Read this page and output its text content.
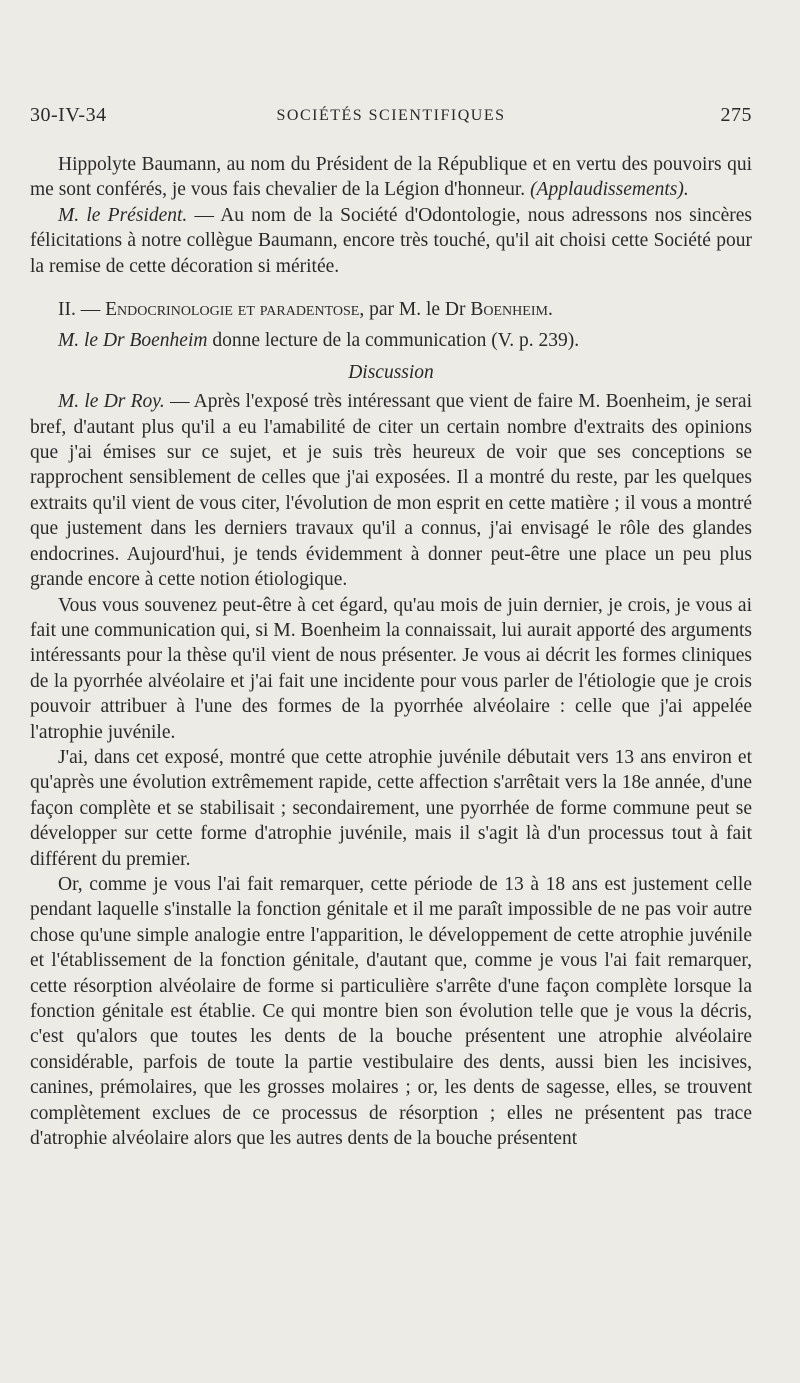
30-IV-34	SOCIÉTÉS SCIENTIFIQUES	275

Hippolyte Baumann, au nom du Président de la République et en vertu des pouvoirs qui me sont conférés, je vous fais chevalier de la Légion d'honneur. (Applaudissements).

M. le Président. — Au nom de la Société d'Odontologie, nous adressons nos sincères félicitations à notre collègue Baumann, encore très touché, qu'il ait choisi cette Société pour la remise de cette décoration si méritée.

II. — Endocrinologie et paradentose, par M. le Dr Boenheim.

M. le Dr Boenheim donne lecture de la communication (V. p. 239).

Discussion

M. le Dr Roy. — Après l'exposé très intéressant que vient de faire M. Boenheim, je serai bref, d'autant plus qu'il a eu l'amabilité de citer un certain nombre d'extraits des opinions que j'ai émises sur ce sujet, et je suis très heureux de voir que ses conceptions se rapprochent sensiblement de celles que j'ai exposées. Il a montré du reste, par les quelques extraits qu'il vient de vous citer, l'évolution de mon esprit en cette matière ; il vous a montré que justement dans les derniers travaux qu'il a connus, j'ai envisagé le rôle des glandes endocrines. Aujourd'hui, je tends évidemment à donner peut-être une place un peu plus grande encore à cette notion étiologique.

Vous vous souvenez peut-être à cet égard, qu'au mois de juin dernier, je crois, je vous ai fait une communication qui, si M. Boenheim la connaissait, lui aurait apporté des arguments intéressants pour la thèse qu'il vient de nous présenter. Je vous ai décrit les formes cliniques de la pyorrhée alvéolaire et j'ai fait une incidente pour vous parler de l'étiologie que je crois pouvoir attribuer à l'une des formes de la pyorrhée alvéolaire : celle que j'ai appelée l'atrophie juvénile.

J'ai, dans cet exposé, montré que cette atrophie juvénile débutait vers 13 ans environ et qu'après une évolution extrêmement rapide, cette affection s'arrêtait vers la 18e année, d'une façon complète et se stabilisait ; secondairement, une pyorrhée de forme commune peut se développer sur cette forme d'atrophie juvénile, mais il s'agit là d'un processus tout à fait différent du premier.

Or, comme je vous l'ai fait remarquer, cette période de 13 à 18 ans est justement celle pendant laquelle s'installe la fonction génitale et il me paraît impossible de ne pas voir autre chose qu'une simple analogie entre l'apparition, le développement de cette atrophie juvénile et l'établissement de la fonction génitale, d'autant que, comme je vous l'ai fait remarquer, cette résorption alvéolaire de forme si particulière s'arrête d'une façon complète lorsque la fonction génitale est établie. Ce qui montre bien son évolution telle que je vous la décris, c'est qu'alors que toutes les dents de la bouche présentent une atrophie alvéolaire considérable, parfois de toute la partie vestibulaire des dents, aussi bien les incisives, canines, prémolaires, que les grosses molaires ; or, les dents de sagesse, elles, se trouvent complètement exclues de ce processus de résorption ; elles ne présentent pas trace d'atrophie alvéolaire alors que les autres dents de la bouche présentent
